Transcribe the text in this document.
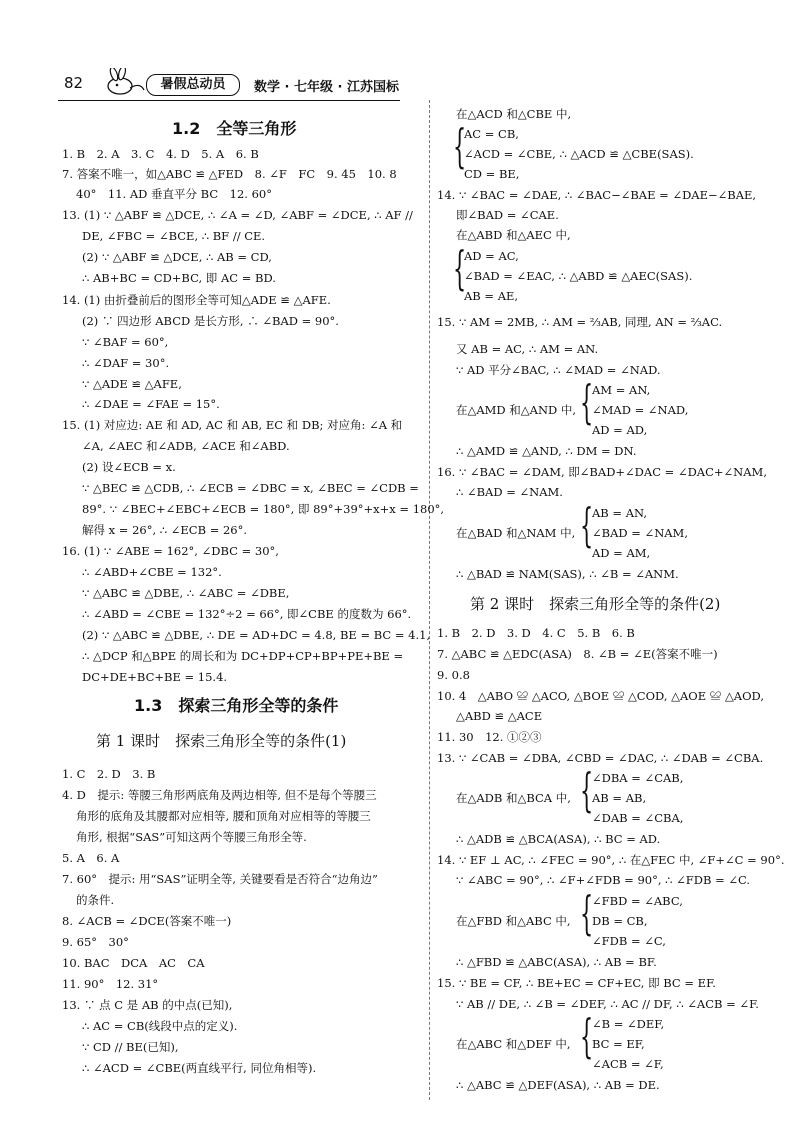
82	暑假总动员	数学 · 七年级 · 江苏国标
1.2　全等三角形
1. B　2. A　3. C　4. D　5. A　6. B
7. 答案不唯一，如△ABC ≌ △FED　8. ∠F　FC　9. 45　10. 8
40°　11. AD 垂直平分 BC　12. 60°
13. (1) ∵ △ABF ≌ △DCE, ∴ ∠A = ∠D, ∠ABF = ∠DCE, ∴ AF //
DE, ∠FBC = ∠BCE, ∴ BF // CE.
(2) ∵ △ABF ≌ △DCE, ∴ AB = CD,
∴ AB+BC = CD+BC, 即 AC = BD.
14. (1) 由折叠前后的图形全等可知△ADE ≌ △AFE.
(2) ∵ 四边形 ABCD 是长方形, ∴ ∠BAD = 90°.
∵ ∠BAF = 60°,
∴ ∠DAF = 30°.
∵ △ADE ≌ △AFE,
∴ ∠DAE = ∠FAE = 15°.
15. (1) 对应边: AE 和 AD, AC 和 AB, EC 和 DB; 对应角: ∠A 和
∠A, ∠AEC 和∠ADB, ∠ACE 和∠ABD.
(2) 设∠ECB = x.
∵ △BEC ≌ △CDB, ∴ ∠ECB = ∠DBC = x, ∠BEC = ∠CDB =
89°. ∵ ∠BEC+∠EBC+∠ECB = 180°, 即 89°+39°+x+x = 180°,
解得 x = 26°, ∴ ∠ECB = 26°.
16. (1) ∵ ∠ABE = 162°, ∠DBC = 30°,
∴ ∠ABD+∠CBE = 132°.
∵ △ABC ≌ △DBE, ∴ ∠ABC = ∠DBE,
∴ ∠ABD = ∠CBE = 132°÷2 = 66°, 即∠CBE 的度数为 66°.
(2) ∵ △ABC ≌ △DBE, ∴ DE = AD+DC = 4.8, BE = BC = 4.1,
∴ △DCP 和△BPE 的周长和为 DC+DP+CP+BP+PE+BE =
DC+DE+BC+BE = 15.4.
1.3　探索三角形全等的条件
第 1 课时　探索三角形全等的条件(1)
1. C　2. D　3. B
4. D　提示: 等腰三角形两底角及两边相等, 但不是每个等腰三
角形的底角及其腰都对应相等, 腰和顶角对应相等的等腰三
角形, 根据“SAS”可知这两个等腰三角形全等.
5. A　6. A
7. 60°　提示: 用“SAS”证明全等, 关键要看是否符合“边角边”
的条件.
8. ∠ACB = ∠DCE(答案不唯一)
9. 65°　30°
10. BAC　DCA　AC　CA
11. 90°　12. 31°
13. ∵ 点 C 是 AB 的中点(已知),
∴ AC = CB(线段中点的定义).
∵ CD // BE(已知),
∴ ∠ACD = ∠CBE(两直线平行, 同位角相等).
在△ACD 和△CBE 中,
{
AC = CB,
∠ACD = ∠CBE, ∴ △ACD ≌ △CBE(SAS).
CD = BE,
14. ∵ ∠BAC = ∠DAE, ∴ ∠BAC−∠BAE = ∠DAE−∠BAE,
即∠BAD = ∠CAE.
在△ABD 和△AEC 中,
{
AD = AC,
∠BAD = ∠EAC, ∴ △ABD ≌ △AEC(SAS).
AB = AE,
15. ∵ AM = 2MB, ∴ AM = ⅔AB, 同理, AN = ⅔AC.
又 AB = AC, ∴ AM = AN.
∵ AD 平分∠BAC, ∴ ∠MAD = ∠NAD.
AM = AN,
在△AMD 和△AND 中, {
∠MAD = ∠NAD,
AD = AD,
∴ △AMD ≌ △AND, ∴ DM = DN.
16. ∵ ∠BAC = ∠DAM, 即∠BAD+∠DAC = ∠DAC+∠NAM,
∴ ∠BAD = ∠NAM.
AB = AN,
在△BAD 和△NAM 中, {
∠BAD = ∠NAM,
AD = AM,
∴ △BAD ≌ NAM(SAS), ∴ ∠B = ∠ANM.
第 2 课时　探索三角形全等的条件(2)
1. B　2. D　3. D　4. C　5. B　6. B
7. △ABC ≌ △EDC(ASA)　8. ∠B = ∠E(答案不唯一)
9. 0.8
10. 4　△ABO ≌ △ACO, △BOE ≌ △COD, △AOE ≌ △AOD,
△ABD ≌ △ACE
11. 30　12. ①②③
13. ∵ ∠CAB = ∠DBA, ∠CBD = ∠DAC, ∴ ∠DAB = ∠CBA.
∠DBA = ∠CAB,
在△ADB 和△BCA 中, {
AB = AB,
∠DAB = ∠CBA,
∴ △ADB ≌ △BCA(ASA), ∴ BC = AD.
14. ∵ EF ⊥ AC, ∴ ∠FEC = 90°, ∴ 在△FEC 中, ∠F+∠C = 90°.
∵ ∠ABC = 90°, ∴ ∠F+∠FDB = 90°, ∴ ∠FDB = ∠C.
∠FBD = ∠ABC,
在△FBD 和△ABC 中, {
DB = CB,
∠FDB = ∠C,
∴ △FBD ≌ △ABC(ASA), ∴ AB = BF.
15. ∵ BE = CF, ∴ BE+EC = CF+EC, 即 BC = EF.
∵ AB // DE, ∴ ∠B = ∠DEF, ∴ AC // DF, ∴ ∠ACB = ∠F.
∠B = ∠DEF,
在△ABC 和△DEF 中, {
BC = EF,
∠ACB = ∠F,
∴ △ABC ≌ △DEF(ASA), ∴ AB = DE.
